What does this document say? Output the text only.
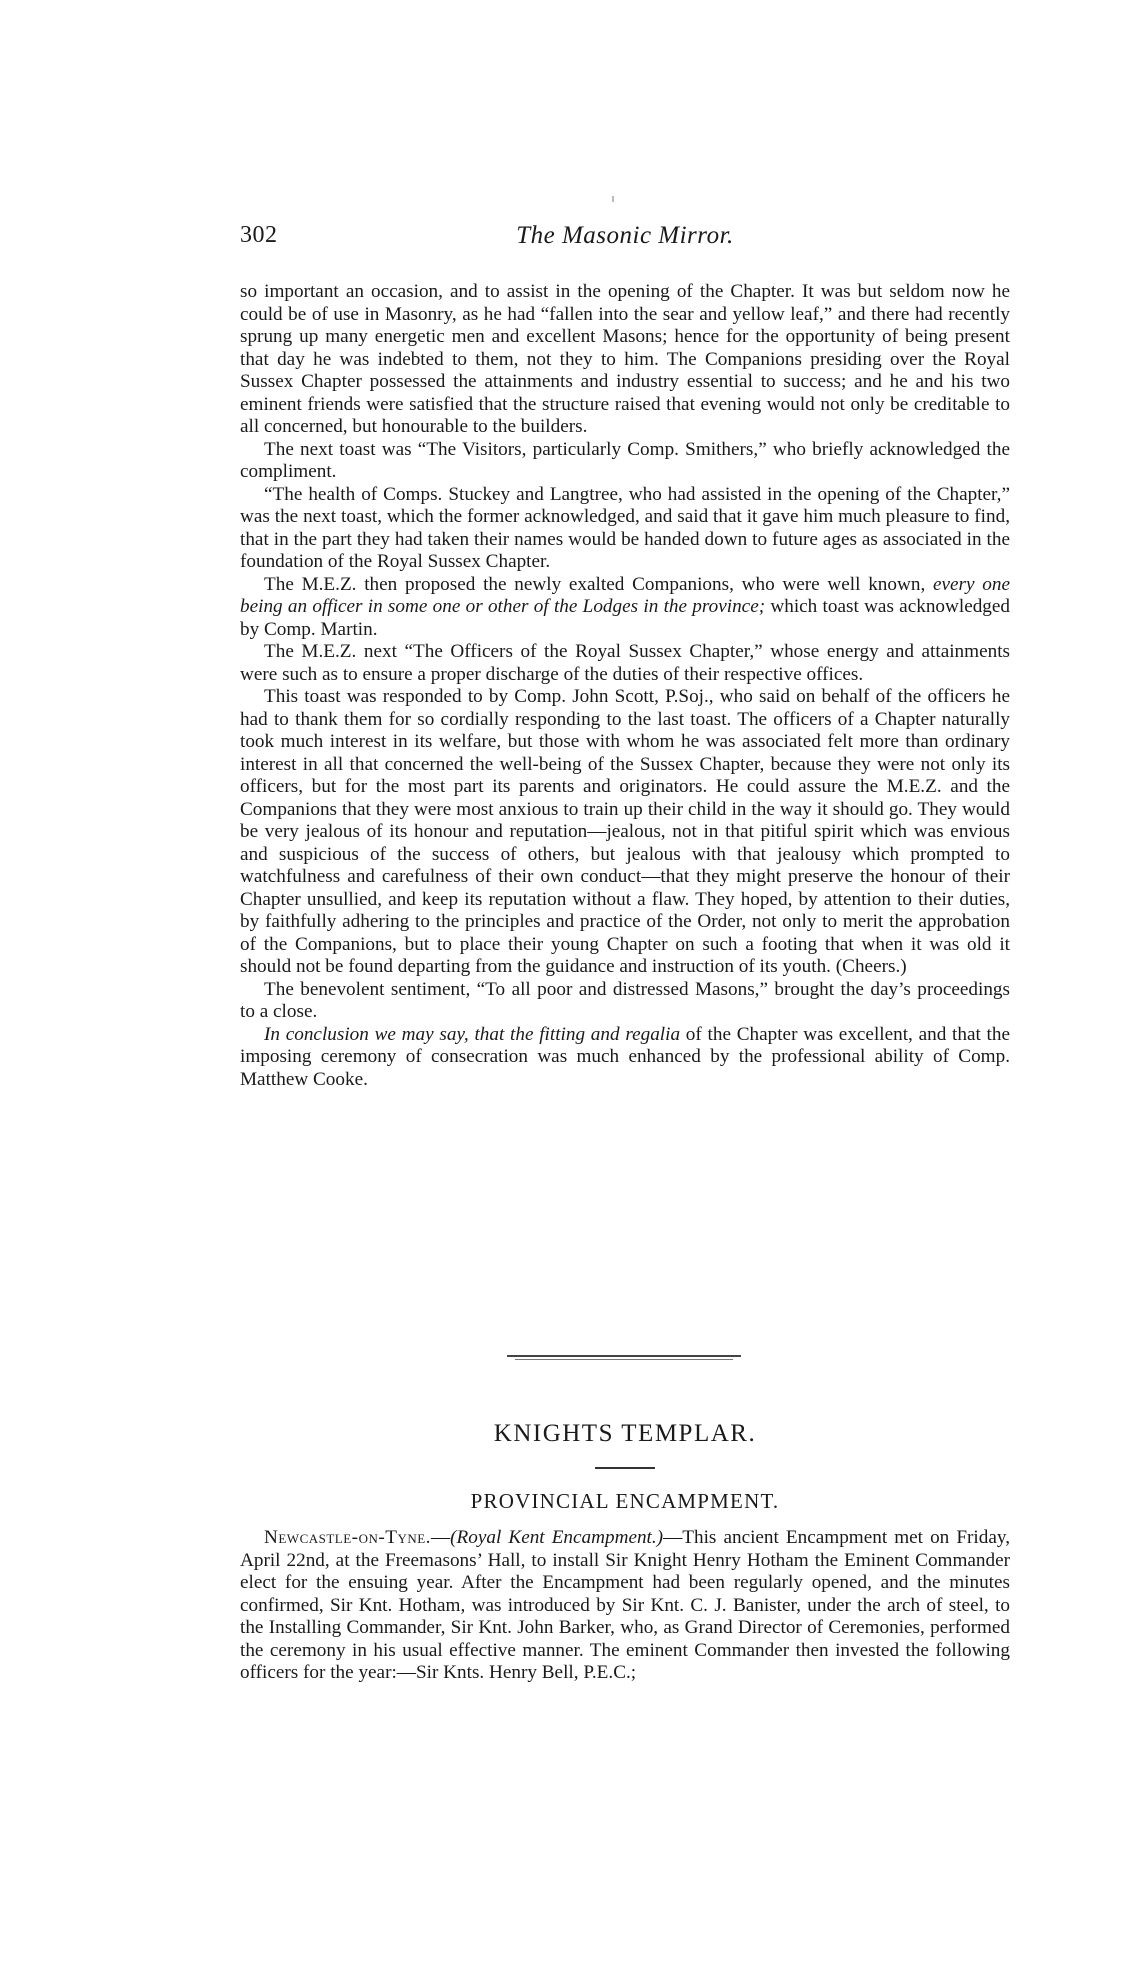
302	The Masonic Mirror.

so important an occasion, and to assist in the opening of the Chapter. It was but seldom now he could be of use in Masonry, as he had “fallen into the sear and yellow leaf,” and there had recently sprung up many energetic men and excellent Masons; hence for the opportunity of being present that day he was indebted to them, not they to him. The Companions presiding over the Royal Sussex Chapter possessed the attainments and industry essential to success; and he and his two eminent friends were satisfied that the structure raised that evening would not only be creditable to all concerned, but honourable to the builders.

The next toast was “The Visitors, particularly Comp. Smithers,” who briefly acknowledged the compliment.

“The health of Comps. Stuckey and Langtree, who had assisted in the opening of the Chapter,” was the next toast, which the former acknowledged, and said that it gave him much pleasure to find, that in the part they had taken their names would be handed down to future ages as associated in the foundation of the Royal Sussex Chapter.

The M.E.Z. then proposed the newly exalted Companions, who were well known, every one being an officer in some one or other of the Lodges in the province; which toast was acknowledged by Comp. Martin.

The M.E.Z. next “The Officers of the Royal Sussex Chapter,” whose energy and attainments were such as to ensure a proper discharge of the duties of their respective offices.

This toast was responded to by Comp. John Scott, P.Soj., who said on behalf of the officers he had to thank them for so cordially responding to the last toast. The officers of a Chapter naturally took much interest in its welfare, but those with whom he was associated felt more than ordinary interest in all that concerned the well-being of the Sussex Chapter, because they were not only its officers, but for the most part its parents and originators. He could assure the M.E.Z. and the Companions that they were most anxious to train up their child in the way it should go. They would be very jealous of its honour and reputation—jealous, not in that pitiful spirit which was envious and suspicious of the success of others, but jealous with that jealousy which prompted to watchfulness and carefulness of their own conduct—that they might preserve the honour of their Chapter unsullied, and keep its reputation without a flaw. They hoped, by attention to their duties, by faithfully adhering to the principles and practice of the Order, not only to merit the approbation of the Companions, but to place their young Chapter on such a footing that when it was old it should not be found departing from the guidance and instruction of its youth. (Cheers.)

The benevolent sentiment, “To all poor and distressed Masons,” brought the day’s proceedings to a close.

In conclusion we may say, that the fitting and regalia of the Chapter was excellent, and that the imposing ceremony of consecration was much enhanced by the professional ability of Comp. Matthew Cooke.

KNIGHTS TEMPLAR.
PROVINCIAL ENCAMPMENT.

Newcastle-on-Tyne.—(Royal Kent Encampment.)—This ancient Encampment met on Friday, April 22nd, at the Freemasons’ Hall, to install Sir Knight Henry Hotham the Eminent Commander elect for the ensuing year. After the Encampment had been regularly opened, and the minutes confirmed, Sir Knt. Hotham, was introduced by Sir Knt. C. J. Banister, under the arch of steel, to the Installing Commander, Sir Knt. John Barker, who, as Grand Director of Ceremonies, performed the ceremony in his usual effective manner. The eminent Commander then invested the following officers for the year:—Sir Knts. Henry Bell, P.E.C.;
